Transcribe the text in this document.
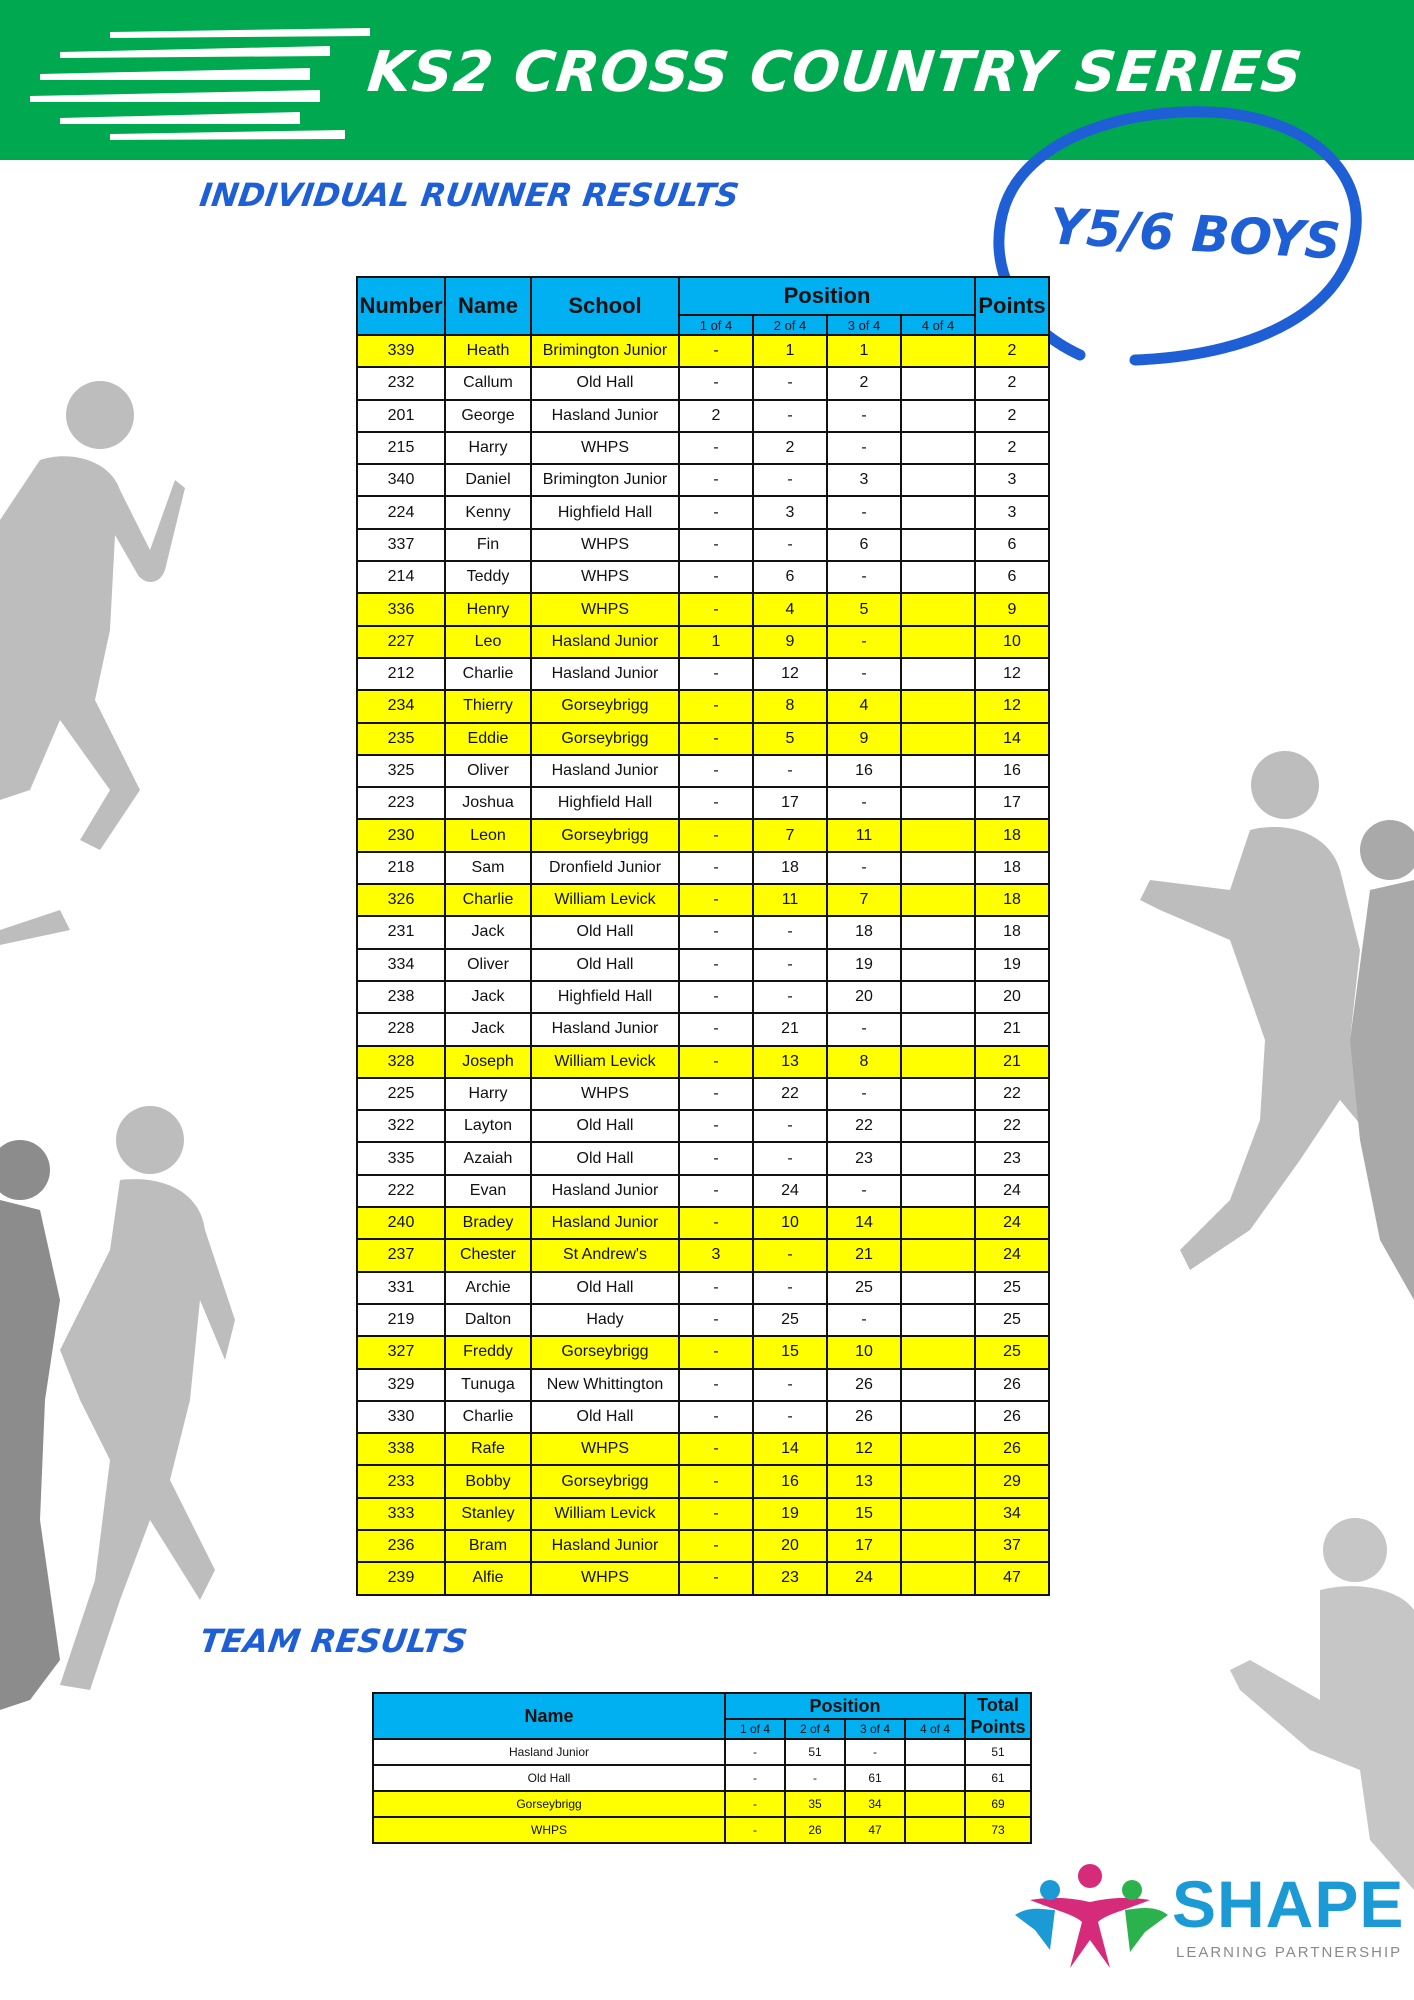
KS2 CROSS COUNTRY SERIES
INDIVIDUAL RUNNER RESULTS
Y5/6 BOYS
Number	Name	School	Position				Points
			1 of 4	2 of 4	3 of 4	4 of 4	
339	Heath	Brimington Junior	-	1	1		2
232	Callum	Old Hall	-	-	2		2
201	George	Hasland Junior	2	-	-		2
215	Harry	WHPS	-	2	-		2
340	Daniel	Brimington Junior	-	-	3		3
224	Kenny	Highfield Hall	-	3	-		3
337	Fin	WHPS	-	-	6		6
214	Teddy	WHPS	-	6	-		6
336	Henry	WHPS	-	4	5		9
227	Leo	Hasland Junior	1	9	-		10
212	Charlie	Hasland Junior	-	12	-		12
234	Thierry	Gorseybrigg	-	8	4		12
235	Eddie	Gorseybrigg	-	5	9		14
325	Oliver	Hasland Junior	-	-	16		16
223	Joshua	Highfield Hall	-	17	-		17
230	Leon	Gorseybrigg	-	7	11		18
218	Sam	Dronfield Junior	-	18	-		18
326	Charlie	William Levick	-	11	7		18
231	Jack	Old Hall	-	-	18		18
334	Oliver	Old Hall	-	-	19		19
238	Jack	Highfield Hall	-	-	20		20
228	Jack	Hasland Junior	-	21	-		21
328	Joseph	William Levick	-	13	8		21
225	Harry	WHPS	-	22	-		22
322	Layton	Old Hall	-	-	22		22
335	Azaiah	Old Hall	-	-	23		23
222	Evan	Hasland Junior	-	24	-		24
240	Bradey	Hasland Junior	-	10	14		24
237	Chester	St Andrew's	3	-	21		24
331	Archie	Old Hall	-	-	25		25
219	Dalton	Hady	-	25	-		25
327	Freddy	Gorseybrigg	-	15	10		25
329	Tunuga	New Whittington	-	-	26		26
330	Charlie	Old Hall	-	-	26		26
338	Rafe	WHPS	-	14	12		26
233	Bobby	Gorseybrigg	-	16	13		29
333	Stanley	William Levick	-	19	15		34
236	Bram	Hasland Junior	-	20	17		37
239	Alfie	WHPS	-	23	24		47
TEAM RESULTS
Name	Position				Total Points
	1 of 4	2 of 4	3 of 4	4 of 4	
Hasland Junior	-	51	-		51
Old Hall	-	-	61		61
Gorseybrigg	-	35	34		69
WHPS	-	26	47		73
SHAPE
LEARNING PARTNERSHIP
